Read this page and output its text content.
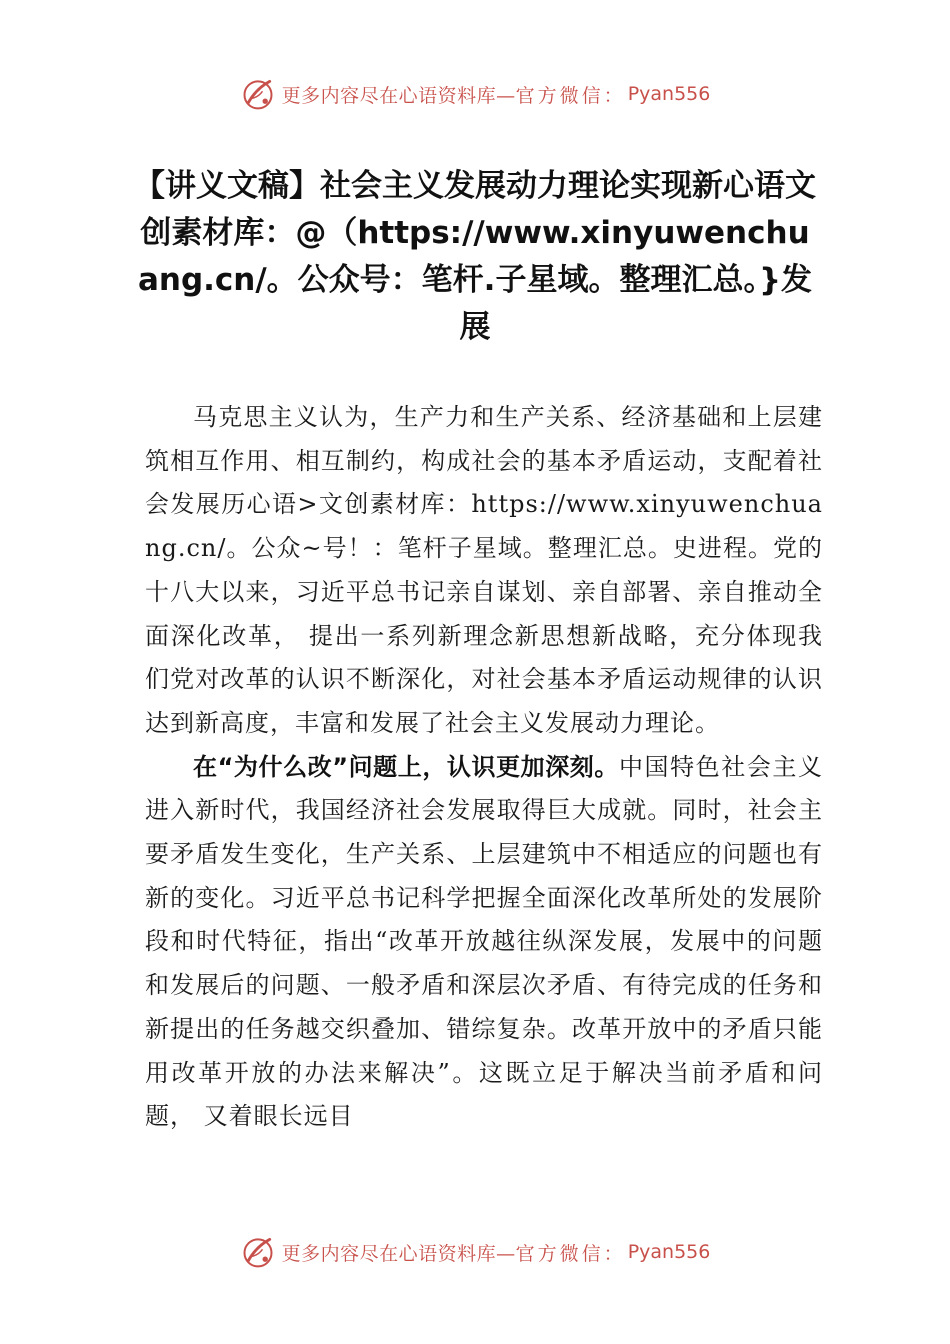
更多内容尽在心语资料库— 官方微信： Pyan556
【讲义文稿】社会主义发展动力理论实现新心语文创素材库：@（https://www.xinyuwenchuang.cn/。公众号：笔杆.子星域。整理汇总。}发展

马克思主义认为，生产力和生产关系、经济基础和上层建筑相互作用、相互制约，构成社会的基本矛盾运动，支配着社会发展历心语>文创素材库：https://www.xinyuwenchuang.cn/。公众~号！：笔杆子星域。整理汇总。史进程。党的十八大以来，习近平总书记亲自谋划、亲自部署、亲自推动全面深化改革， 提出一系列新理念新思想新战略，充分体现我们党对改革的认识不断深化，对社会基本矛盾运动规律的认识达到新高度，丰富和发展了社会主义发展动力理论。

在“为什么改”问题上，认识更加深刻。中国特色社会主义进入新时代，我国经济社会发展取得巨大成就。同时，社会主要矛盾发生变化，生产关系、上层建筑中不相适应的问题也有新的变化。习近平总书记科学把握全面深化改革所处的发展阶段和时代特征，指出“改革开放越往纵深发展，发展中的问题和发展后的问题、一般矛盾和深层次矛盾、有待完成的任务和新提出的任务越交织叠加、错综复杂。改革开放中的矛盾只能用改革开放的办法来解决”。这既立足于解决当前矛盾和问题， 又着眼长远目

更多内容尽在心语资料库— 官方微信： Pyan556
